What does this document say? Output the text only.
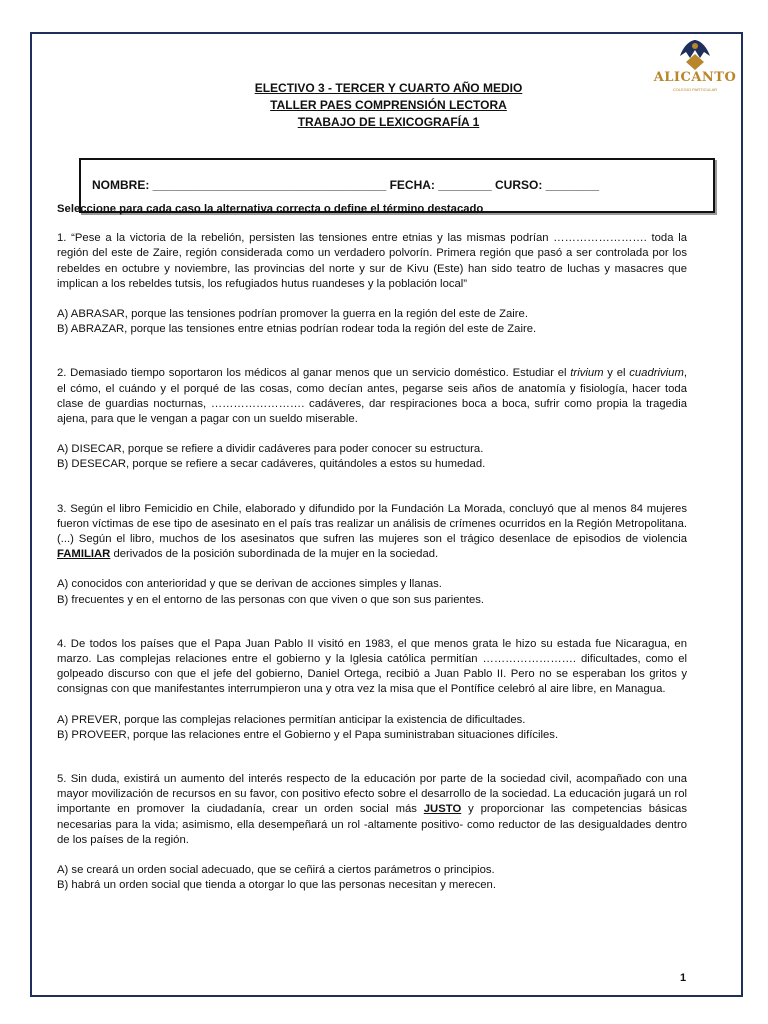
ALICANTO
COLEGIO PARTICULAR
ELECTIVO 3 - TERCER Y CUARTO AÑO MEDIO
TALLER PAES COMPRENSIÓN LECTORA
TRABAJO DE LEXICOGRAFÍA 1
NOMBRE: ___________________________________ FECHA: ________ CURSO: ________
Seleccione para cada caso la alternativa correcta o define el término destacado
1. “Pese a la victoria de la rebelión, persisten las tensiones entre etnias y las mismas podrían ……………………. toda la región del este de Zaire, región considerada como un verdadero polvorín. Primera región que pasó a ser controlada por los rebeldes en octubre y noviembre, las provincias del norte y sur de Kivu (Este) han sido teatro de luchas y masacres que implican a los rebeldes tutsis, los refugiados hutus ruandeses y la población local”
A) ABRASAR, porque las tensiones podrían promover la guerra en la región del este de Zaire.
B) ABRAZAR, porque las tensiones entre etnias podrían rodear toda la región del este de Zaire.
2. Demasiado tiempo soportaron los médicos al ganar menos que un servicio doméstico. Estudiar el trivium y el cuadrivium, el cómo, el cuándo y el porqué de las cosas, como decían antes, pegarse seis años de anatomía y fisiología, hacer toda clase de guardias nocturnas, ……………………. cadáveres, dar respiraciones boca a boca, sufrir como propia la tragedia ajena, para que le vengan a pagar con un sueldo miserable.
A) DISECAR, porque se refiere a dividir cadáveres para poder conocer su estructura.
B) DESECAR, porque se refiere a secar cadáveres, quitándoles a estos su humedad.
3. Según el libro Femicidio en Chile, elaborado y difundido por la Fundación La Morada, concluyó que al menos 84 mujeres fueron víctimas de ese tipo de asesinato en el país tras realizar un análisis de crímenes ocurridos en la Región Metropolitana. (...) Según el libro, muchos de los asesinatos que sufren las mujeres son el trágico desenlace de episodios de violencia FAMILIAR derivados de la posición subordinada de la mujer en la sociedad.
A) conocidos con anterioridad y que se derivan de acciones simples y llanas.
B) frecuentes y en el entorno de las personas con que viven o que son sus parientes.
4. De todos los países que el Papa Juan Pablo II visitó en 1983, el que menos grata le hizo su estada fue Nicaragua, en marzo. Las complejas relaciones entre el gobierno y la Iglesia católica permitían ……………………. dificultades, como el golpeado discurso con que el jefe del gobierno, Daniel Ortega, recibió a Juan Pablo II. Pero no se esperaban los gritos y consignas con que manifestantes interrumpieron una y otra vez la misa que el Pontífice celebró al aire libre, en Managua.
A) PREVER, porque las complejas relaciones permitían anticipar la existencia de dificultades.
B) PROVEER, porque las relaciones entre el Gobierno y el Papa suministraban situaciones difíciles.
5. Sin duda, existirá un aumento del interés respecto de la educación por parte de la sociedad civil, acompañado con una mayor movilización de recursos en su favor, con positivo efecto sobre el desarrollo de la sociedad. La educación jugará un rol importante en promover la ciudadanía, crear un orden social más JUSTO y proporcionar las competencias básicas necesarias para la vida; asimismo, ella desempeñará un rol -altamente positivo- como reductor de las desigualdades dentro de los países de la región.
A) se creará un orden social adecuado, que se ceñirá a ciertos parámetros o principios.
B) habrá un orden social que tienda a otorgar lo que las personas necesitan y merecen.
1
